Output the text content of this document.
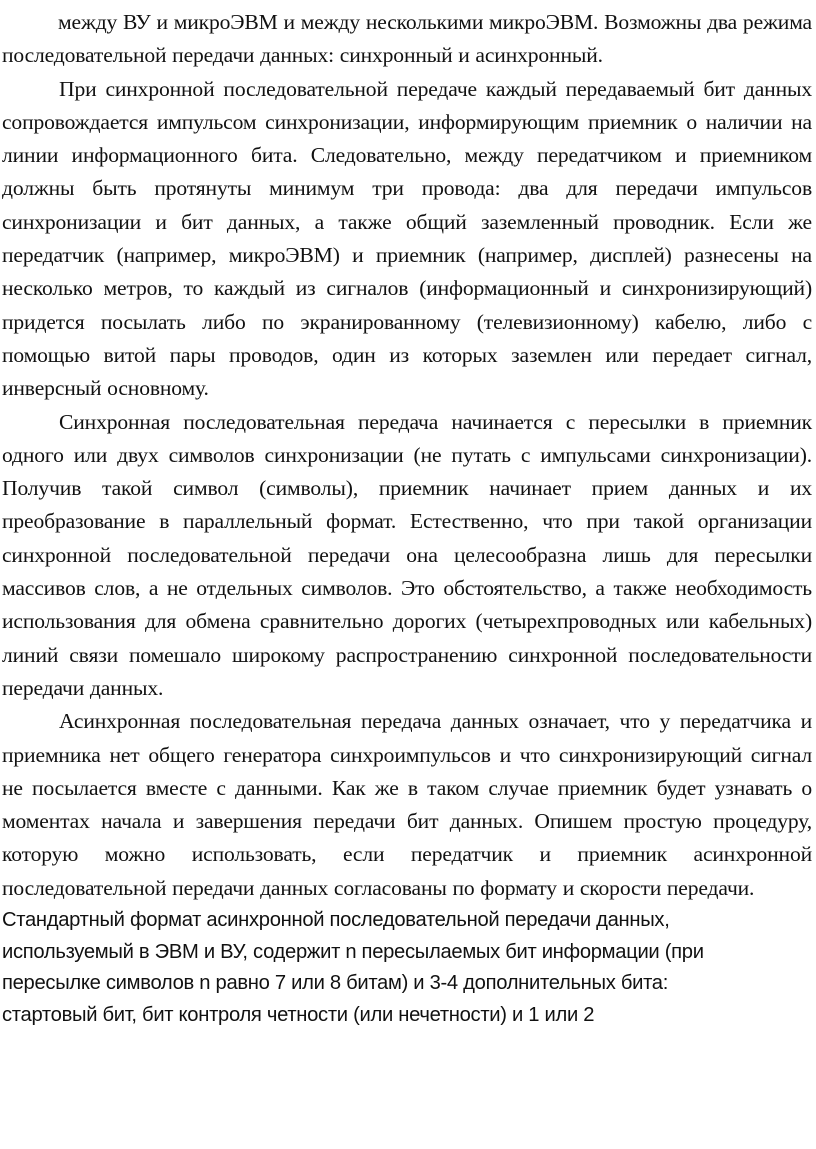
между ВУ и микроЭВМ и между несколькими микроЭВМ. Возможны два режима последовательной передачи данных: синхронный и асинхронный.

При синхронной последовательной передаче каждый передаваемый бит данных сопровождается импульсом синхронизации, информирующим приемник о наличии на линии информационного бита. Следовательно, между передатчиком и приемником должны быть протянуты минимум три провода: два для передачи импульсов синхронизации и бит данных, а также общий заземленный проводник. Если же передатчик (например, микроЭВМ) и приемник (например, дисплей) разнесены на несколько метров, то каждый из сигналов (информационный и синхронизирующий) придется посылать либо по экранированному (телевизионному) кабелю, либо с помощью витой пары проводов, один из которых заземлен или передает сигнал, инверсный основному.

Синхронная последовательная передача начинается с пересылки в приемник одного или двух символов синхронизации (не путать с импульсами синхронизации). Получив такой символ (символы), приемник начинает прием данных и их преобразование в параллельный формат. Естественно, что при такой организации синхронной последовательной передачи она целесообразна лишь для пересылки массивов слов, а не отдельных символов. Это обстоятельство, а также необходимость использования для обмена сравнительно дорогих (четырехпроводных или кабельных) линий связи помешало широкому распространению синхронной последовательности передачи данных.

Асинхронная последовательная передача данных означает, что у передатчика и приемника нет общего генератора синхроимпульсов и что синхронизирующий сигнал не посылается вместе с данными. Как же в таком случае приемник будет узнавать о моментах начала и завершения передачи бит данных. Опишем простую процедуру, которую можно использовать, если передатчик и приемник асинхронной последовательной передачи данных согласованы по формату и скорости передачи.

Стандартный формат асинхронной последовательной передачи данных, используемый в ЭВМ и ВУ, содержит n пересылаемых бит информации (при пересылке символов n равно 7 или 8 битам) и 3-4 дополнительных бита: стартовый бит, бит контроля четности (или нечетности) и 1 или 2
